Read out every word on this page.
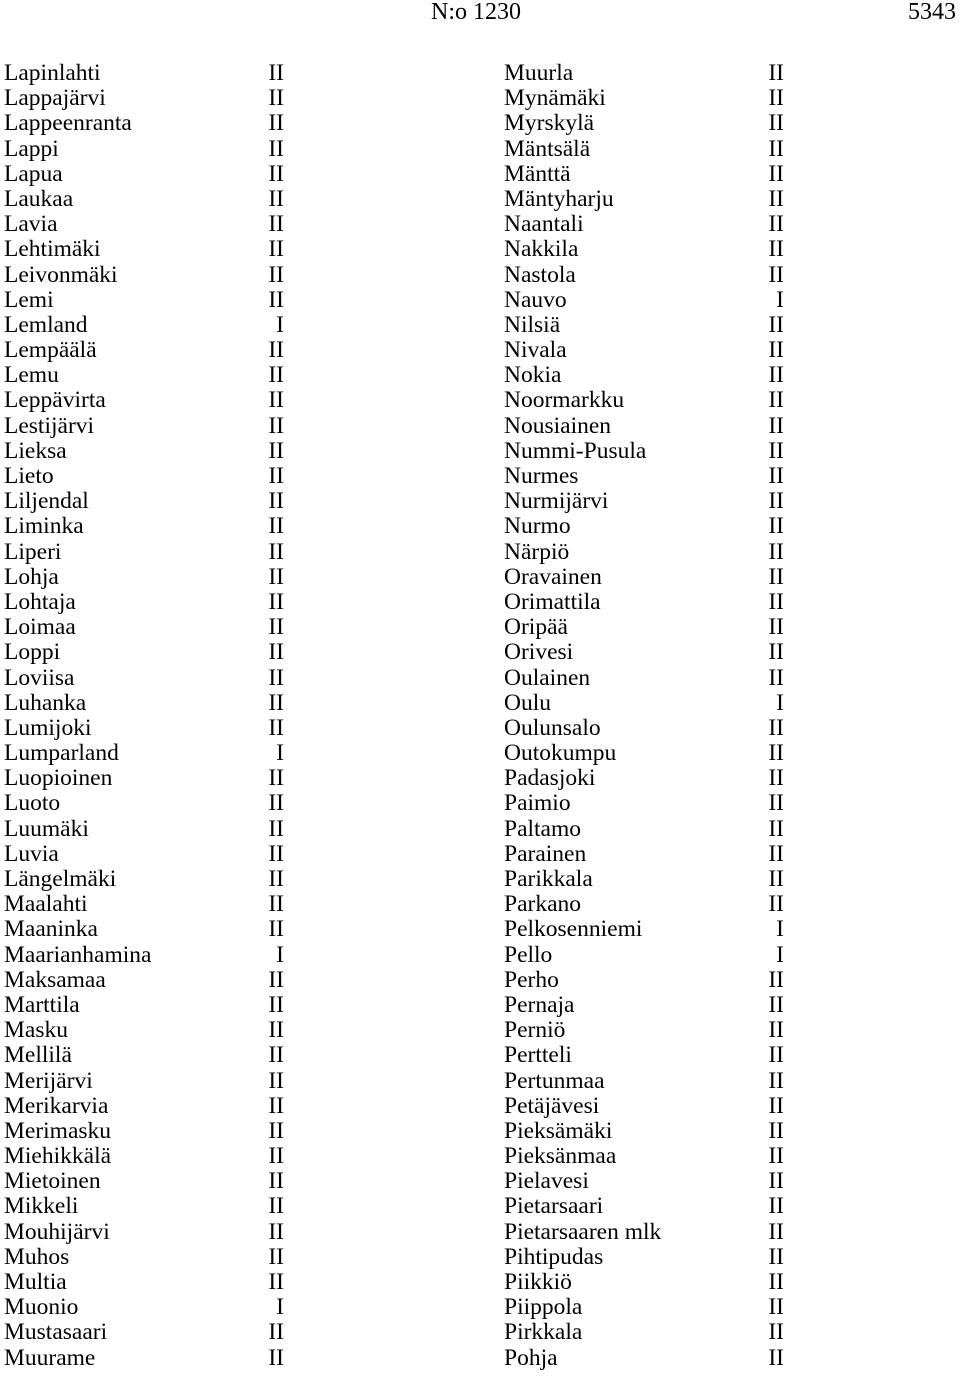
N:o 1230	5343
Lapinlahti	II
Lappajärvi	II
Lappeenranta	II
Lappi	II
Lapua	II
Laukaa	II
Lavia	II
Lehtimäki	II
Leivonmäki	II
Lemi	II
Lemland	I
Lempäälä	II
Lemu	II
Leppävirta	II
Lestijärvi	II
Lieksa	II
Lieto	II
Liljendal	II
Liminka	II
Liperi	II
Lohja	II
Lohtaja	II
Loimaa	II
Loppi	II
Loviisa	II
Luhanka	II
Lumijoki	II
Lumparland	I
Luopioinen	II
Luoto	II
Luumäki	II
Luvia	II
Längelmäki	II
Maalahti	II
Maaninka	II
Maarianhamina	I
Maksamaa	II
Marttila	II
Masku	II
Mellilä	II
Merijärvi	II
Merikarvia	II
Merimasku	II
Miehikkälä	II
Mietoinen	II
Mikkeli	II
Mouhijärvi	II
Muhos	II
Multia	II
Muonio	I
Mustasaari	II
Muurame	II
Muurla	II
Mynämäki	II
Myrskylä	II
Mäntsälä	II
Mänttä	II
Mäntyharju	II
Naantali	II
Nakkila	II
Nastola	II
Nauvo	I
Nilsiä	II
Nivala	II
Nokia	II
Noormarkku	II
Nousiainen	II
Nummi-Pusula	II
Nurmes	II
Nurmijärvi	II
Nurmo	II
Närpiö	II
Oravainen	II
Orimattila	II
Oripää	II
Orivesi	II
Oulainen	II
Oulu	I
Oulunsalo	II
Outokumpu	II
Padasjoki	II
Paimio	II
Paltamo	II
Parainen	II
Parikkala	II
Parkano	II
Pelkosenniemi	I
Pello	I
Perho	II
Pernaja	II
Perniö	II
Pertteli	II
Pertunmaa	II
Petäjävesi	II
Pieksämäki	II
Pieksänmaa	II
Pielavesi	II
Pietarsaari	II
Pietarsaaren mlk	II
Pihtipudas	II
Piikkiö	II
Piippola	II
Pirkkala	II
Pohja	II
